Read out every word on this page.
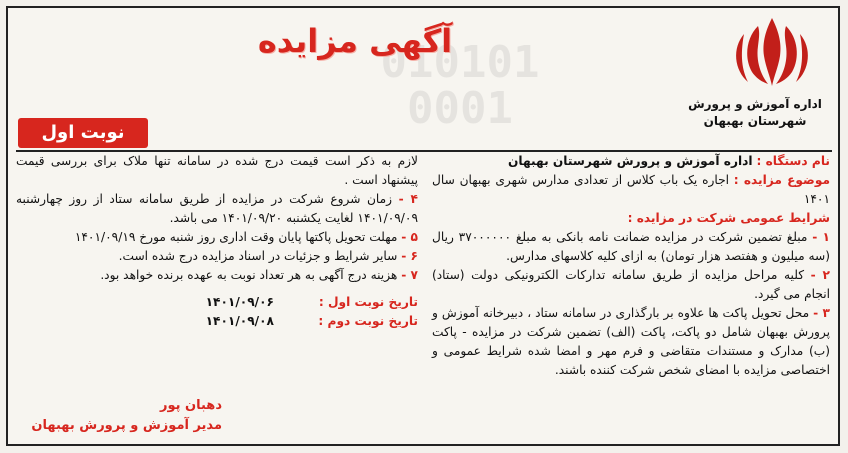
اداره آموزش و پرورش
شهرستان بهبهان
آگهی مزایده
نوبت اول

نام دستگاه : اداره آموزش و پرورش شهرستان بهبهان

موضوع مزایده : اجاره یک باب کلاس از تعدادی مدارس شهری بهبهان سال ۱۴۰۱

شرایط عمومی شرکت در مزایده :

۱ - مبلغ تضمین شرکت در مزایده ضمانت نامه بانکی به مبلغ ۳۷۰۰۰۰۰۰ ریال (سه میلیون و هفتصد هزار تومان) به ازای کلیه کلاسهای مدارس.

۲ - کلیه مراحل مزایده از طریق سامانه تدارکات الکترونیکی دولت (ستاد) انجام می گیرد.

۳ - محل تحویل پاکت ها علاوه بر بارگذاری در سامانه ستاد ، دبیرخانه آموزش و پرورش بهبهان شامل دو پاکت، پاکت (الف) تضمین شرکت در مزایده - پاکت (ب) مدارک و مستندات متقاضی و فرم مهر و امضا شده شرایط عمومی و اختصاصی مزایده با امضای شخص شرکت کننده باشند.

لازم به ذکر است قیمت درج شده در سامانه تنها ملاک برای بررسی قیمت پیشنهاد است .

۴ - زمان شروع شرکت در مزایده از طریق سامانه ستاد از روز چهارشنبه ۱۴۰۱/۰۹/۰۹ لغایت یکشنبه ۱۴۰۱/۰۹/۲۰ می باشد.

۵ - مهلت تحویل پاکتها پایان وقت اداری روز شنبه مورخ ۱۴۰۱/۰۹/۱۹

۶ - سایر شرایط و جزئیات در اسناد مزایده درج شده است.

۷ - هزینه درج آگهی به هر تعداد نوبت به عهده برنده خواهد بود.

تاریخ نوبت اول :
۱۴۰۱/۰۹/۰۶
تاریخ نوبت دوم :
۱۴۰۱/۰۹/۰۸
دهبان پور
مدیر آموزش و پرورش بهبهان
